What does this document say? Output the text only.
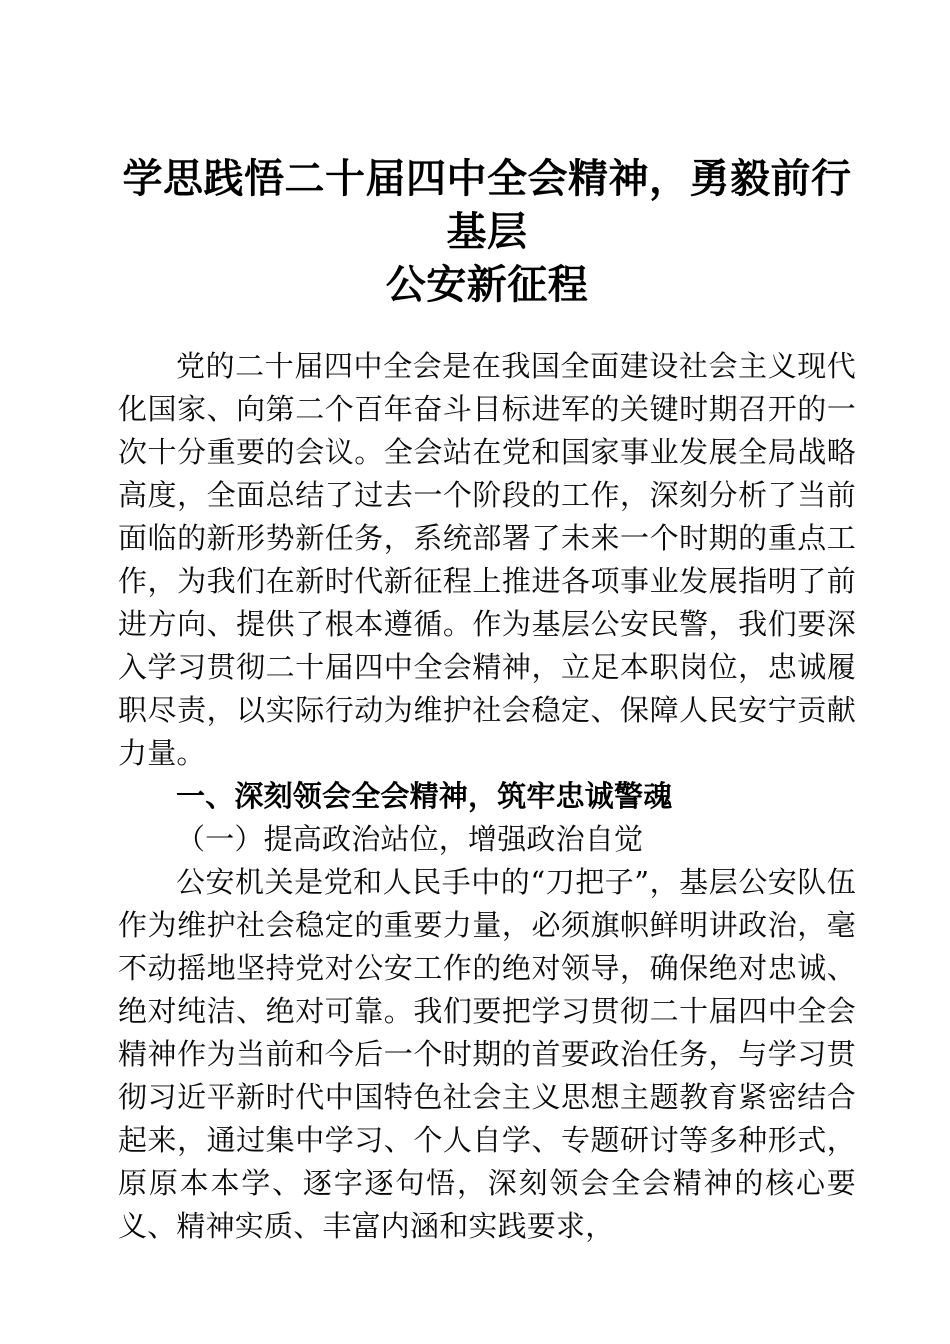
学思践悟二十届四中全会精神，勇毅前行基层
公安新征程

党的二十届四中全会是在我国全面建设社会主义现代化国家、向第二个百年奋斗目标进军的关键时期召开的一次十分重要的会议。全会站在党和国家事业发展全局战略高度，全面总结了过去一个阶段的工作，深刻分析了当前面临的新形势新任务，系统部署了未来一个时期的重点工作，为我们在新时代新征程上推进各项事业发展指明了前进方向、提供了根本遵循。作为基层公安民警，我们要深入学习贯彻二十届四中全会精神，立足本职岗位，忠诚履职尽责，以实际行动为维护社会稳定、保障人民安宁贡献力量。

一、深刻领会全会精神，筑牢忠诚警魂

（一）提高政治站位，增强政治自觉

公安机关是党和人民手中的“刀把子”，基层公安队伍作为维护社会稳定的重要力量，必须旗帜鲜明讲政治，毫不动摇地坚持党对公安工作的绝对领导，确保绝对忠诚、绝对纯洁、绝对可靠。我们要把学习贯彻二十届四中全会精神作为当前和今后一个时期的首要政治任务，与学习贯彻习近平新时代中国特色社会主义思想主题教育紧密结合起来，通过集中学习、个人自学、专题研讨等多种形式，原原本本学、逐字逐句悟，深刻领会全会精神的核心要义、精神实质、丰富内涵和实践要求，
